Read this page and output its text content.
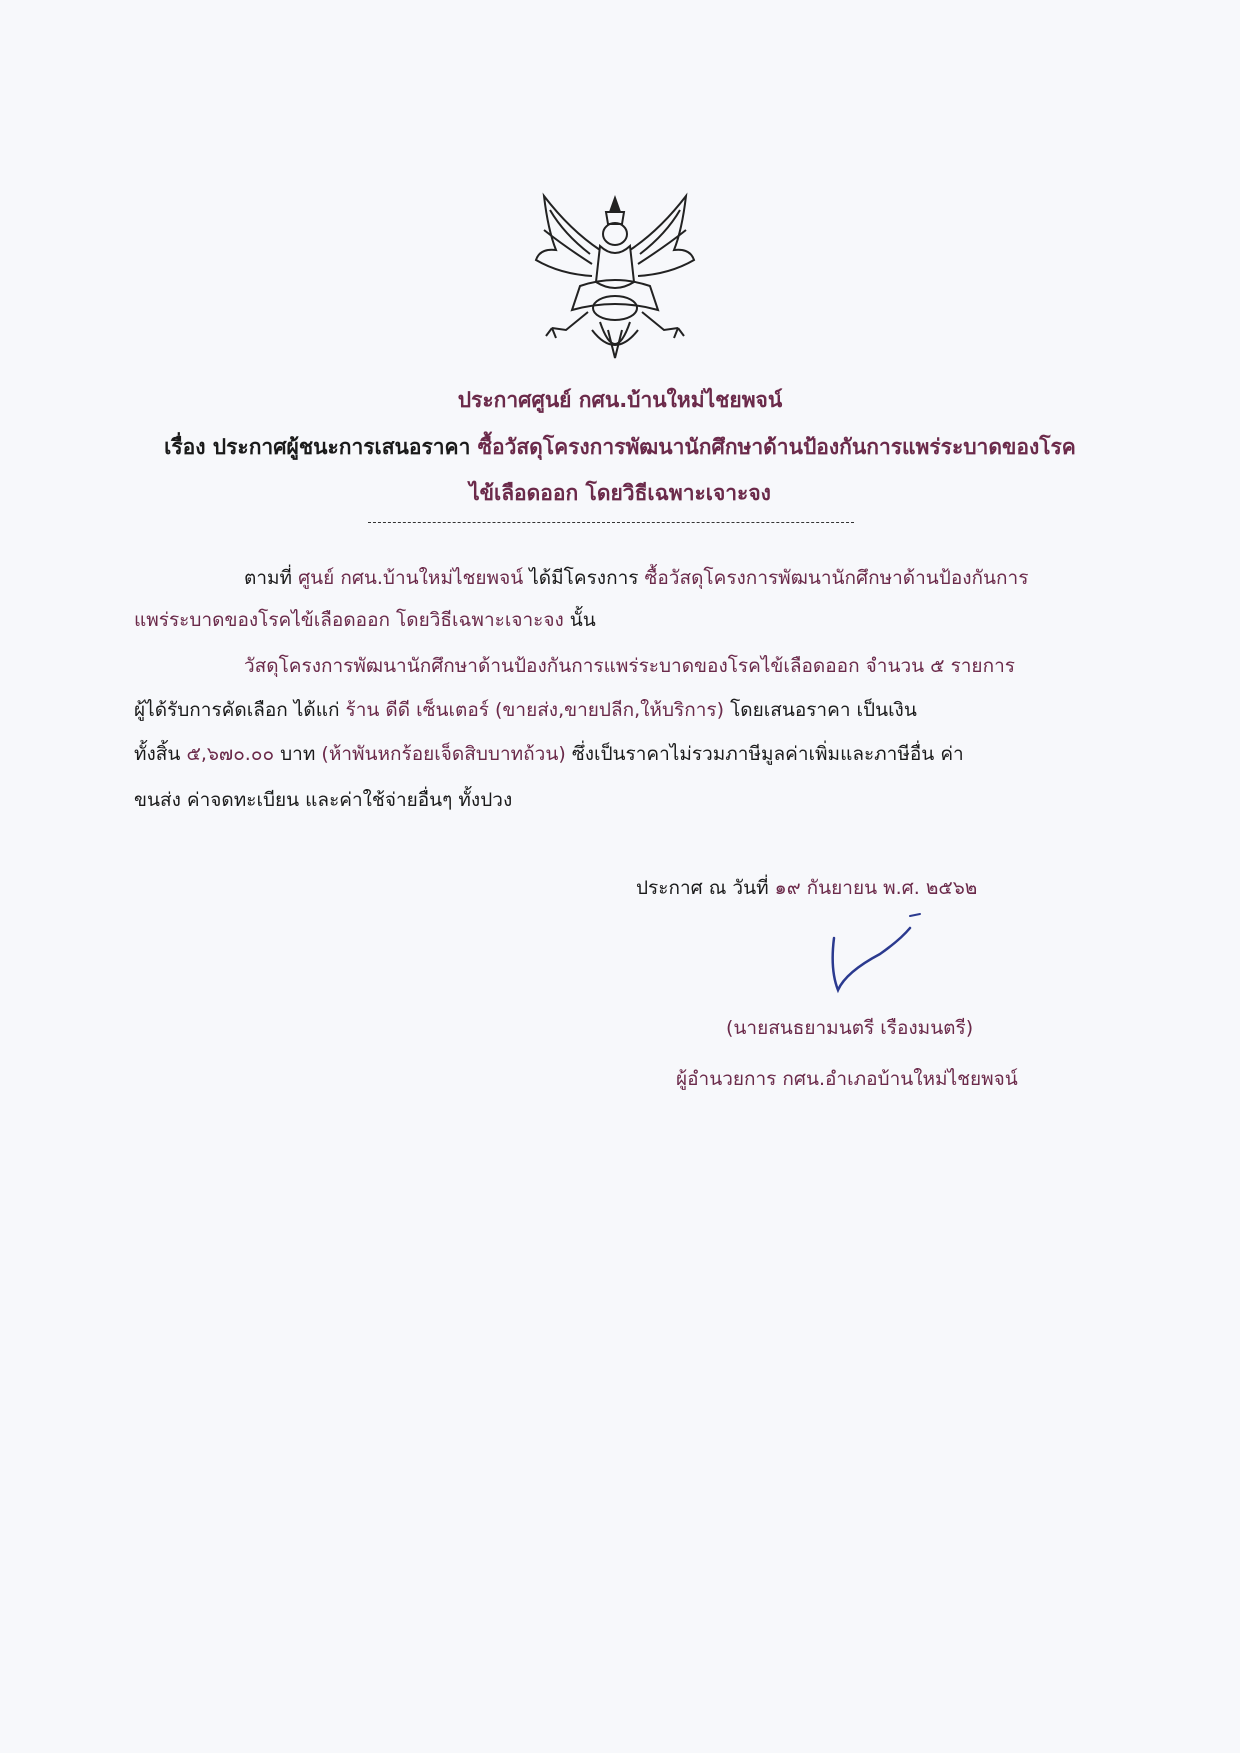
ประกาศศูนย์ กศน.บ้านใหม่ไชยพจน์
เรื่อง ประกาศผู้ชนะการเสนอราคา ซื้อวัสดุโครงการพัฒนานักศึกษาด้านป้องกันการแพร่ระบาดของโรค
ไข้เลือดออก โดยวิธีเฉพาะเจาะจง
ตามที่ ศูนย์ กศน.บ้านใหม่ไชยพจน์ ได้มีโครงการ ซื้อวัสดุโครงการพัฒนานักศึกษาด้านป้องกันการ
แพร่ระบาดของโรคไข้เลือดออก โดยวิธีเฉพาะเจาะจง นั้น
วัสดุโครงการพัฒนานักศึกษาด้านป้องกันการแพร่ระบาดของโรคไข้เลือดออก จำนวน ๕ รายการ
ผู้ได้รับการคัดเลือก ได้แก่ ร้าน ดีดี เซ็นเตอร์ (ขายส่ง,ขายปลีก,ให้บริการ) โดยเสนอราคา เป็นเงิน
ทั้งสิ้น ๕,๖๗๐.๐๐ บาท (ห้าพันหกร้อยเจ็ดสิบบาทถ้วน) ซึ่งเป็นราคาไม่รวมภาษีมูลค่าเพิ่มและภาษีอื่น ค่า
ขนส่ง ค่าจดทะเบียน และค่าใช้จ่ายอื่นๆ ทั้งปวง
ประกาศ ณ วันที่ ๑๙ กันยายน พ.ศ. ๒๕๖๒
(นายสนธยามนตรี เรืองมนตรี)
ผู้อำนวยการ กศน.อำเภอบ้านใหม่ไชยพจน์
